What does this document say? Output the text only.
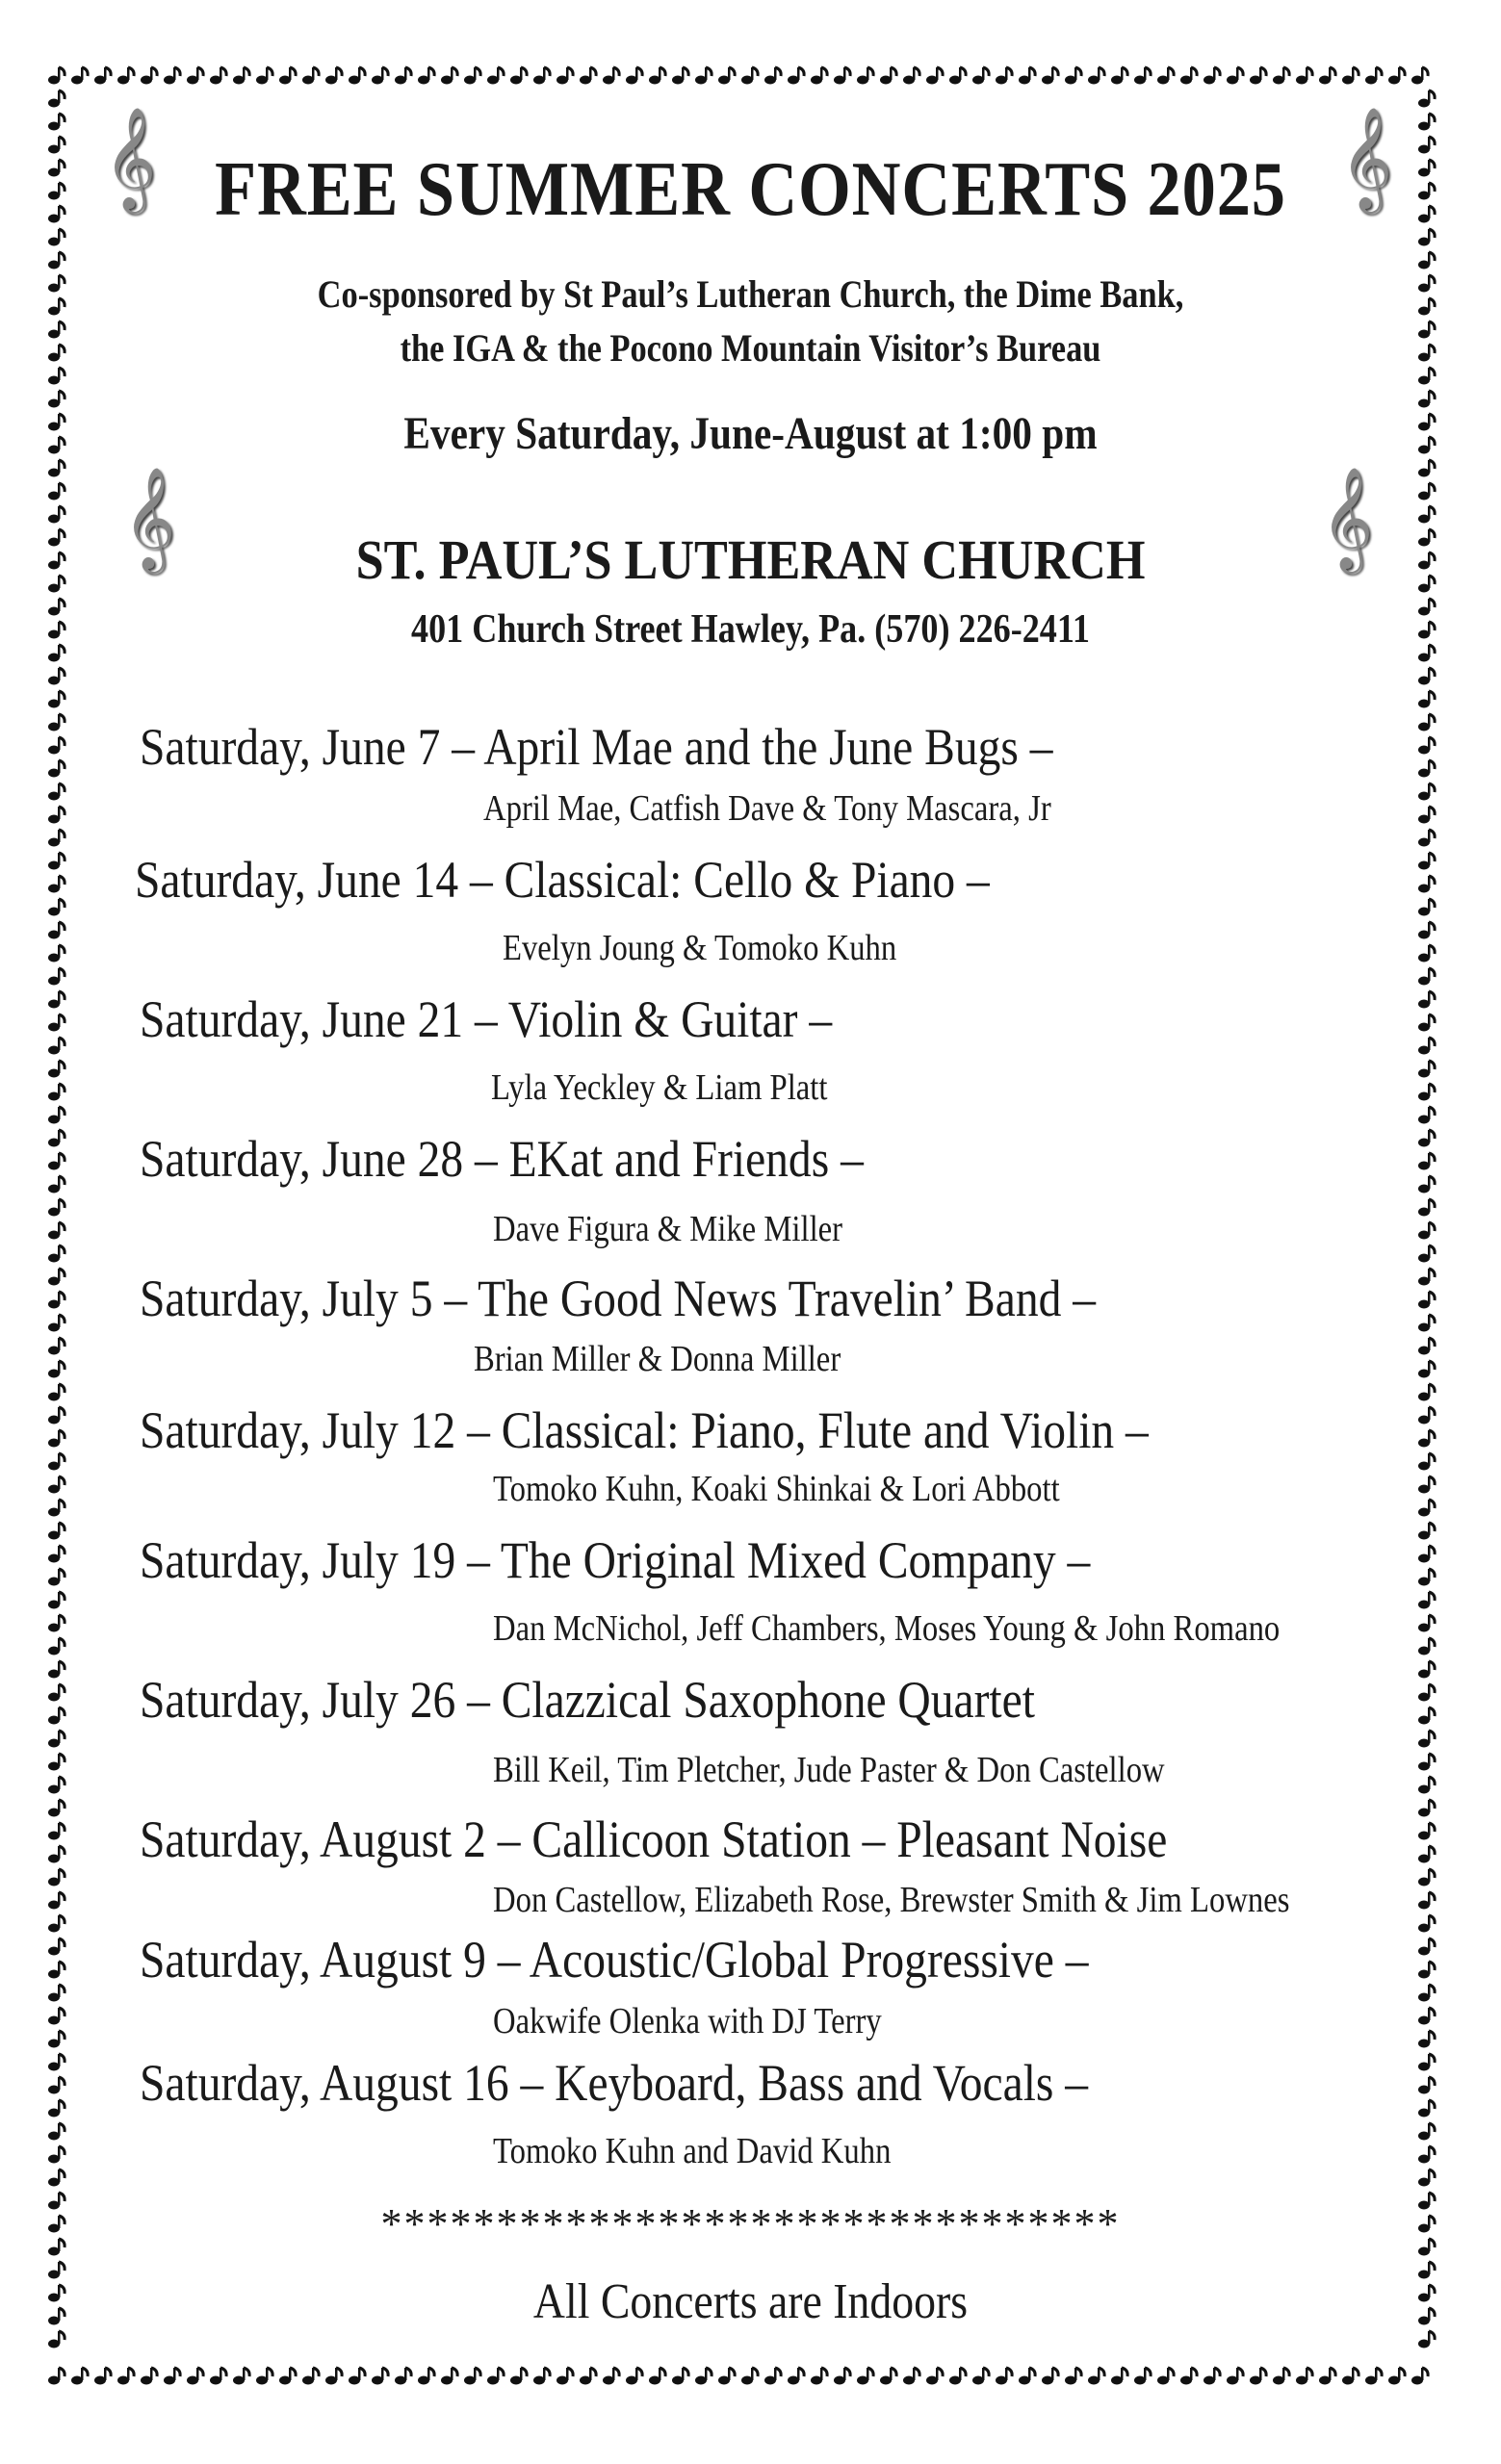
𝄞	𝄞
𝄞	𝄞
FREE SUMMER CONCERTS 2025
Co-sponsored by St Paul’s Lutheran Church, the Dime Bank,
the IGA & the Pocono Mountain Visitor’s Bureau
Every Saturday, June-August at 1:00 pm
ST. PAUL’S LUTHERAN CHURCH
401 Church Street Hawley, Pa. (570) 226-2411
Saturday, June 7 – April Mae and the June Bugs –
April Mae, Catfish Dave & Tony Mascara, Jr
Saturday, June 14 – Classical: Cello & Piano –
Evelyn Joung & Tomoko Kuhn
Saturday, June 21 – Violin & Guitar –
Lyla Yeckley & Liam Platt
Saturday, June 28 – EKat and Friends –
Dave Figura & Mike Miller
Saturday, July 5 – The Good News Travelin’ Band –
Brian Miller & Donna Miller
Saturday, July 12 – Classical: Piano, Flute and Violin –
Tomoko Kuhn, Koaki Shinkai & Lori Abbott
Saturday, July 19 – The Original Mixed Company –
Dan McNichol, Jeff Chambers, Moses Young & John Romano
Saturday, July 26 – Clazzical Saxophone Quartet
Bill Keil, Tim Pletcher, Jude Paster & Don Castellow
Saturday, August 2 – Callicoon Station – Pleasant Noise
Don Castellow, Elizabeth Rose, Brewster Smith & Jim Lownes
Saturday, August 9 – Acoustic/Global Progressive –
Oakwife Olenka with DJ Terry
Saturday, August 16 – Keyboard, Bass and Vocals –
Tomoko Kuhn and David Kuhn
********************************
All Concerts are Indoors
